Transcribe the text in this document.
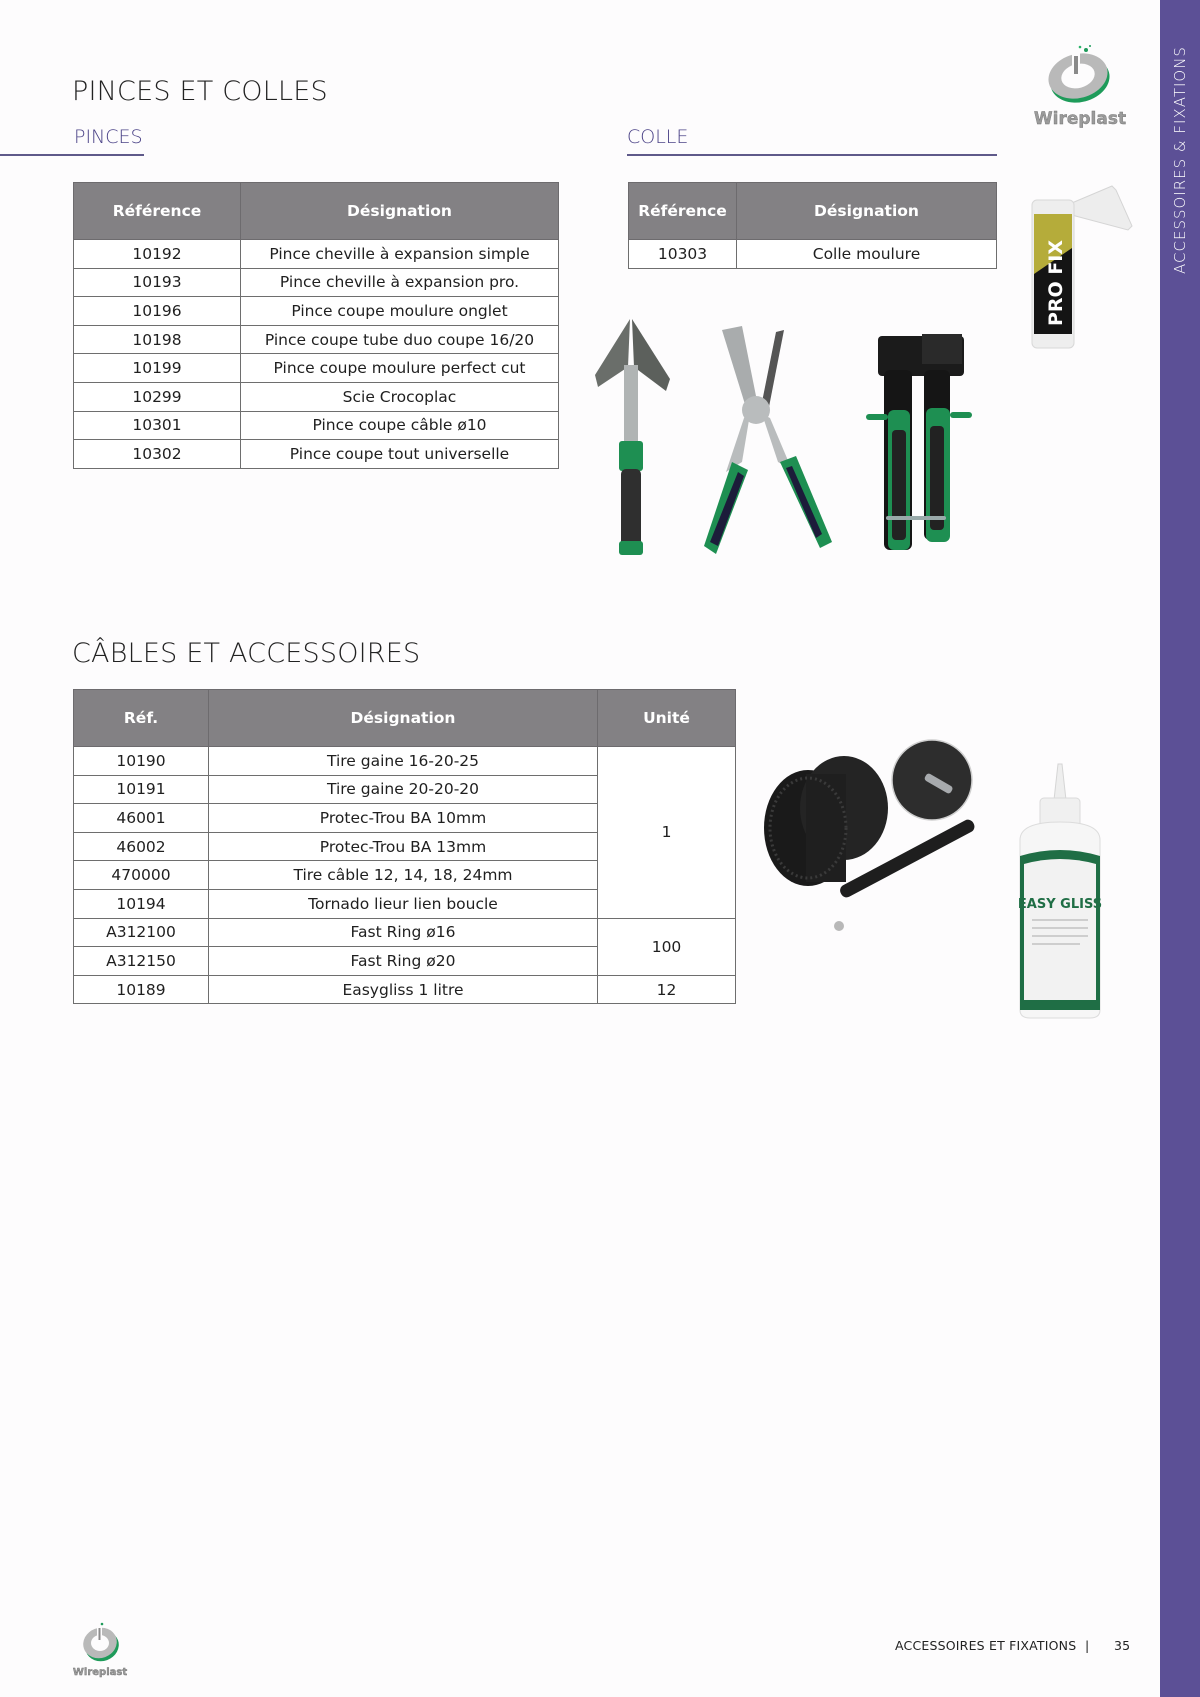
ACCESSOIRES & FIXATIONS
Wireplast
PINCES ET COLLES
PINCES	COLLE
Référence	Désignation
10192	Pince cheville à expansion simple
10193	Pince cheville à expansion pro.
10196	Pince coupe moulure onglet
10198	Pince coupe tube duo coupe 16/20
10199	Pince coupe moulure perfect cut
10299	Scie Crocoplac
10301	Pince coupe câble ø10
10302	Pince coupe tout universelle
Référence	Désignation
10303	Colle moulure	PRO FIX
CÂBLES ET ACCESSOIRES
Réf.	Désignation	Unité
10190	Tire gaine 16-20-25	1
10191	Tire gaine 20-20-20	
46001	Protec-Trou BA 10mm	
46002	Protec-Trou BA 13mm	
470000	Tire câble 12, 14, 18, 24mm	
10194	Tornado lieur lien boucle	
A312100	Fast Ring ø16	100
A312150	Fast Ring ø20	
10189	Easygliss 1 litre	12
EASY GLISS
Wireplast
ACCESSOIRES ET FIXATIONS | 35
